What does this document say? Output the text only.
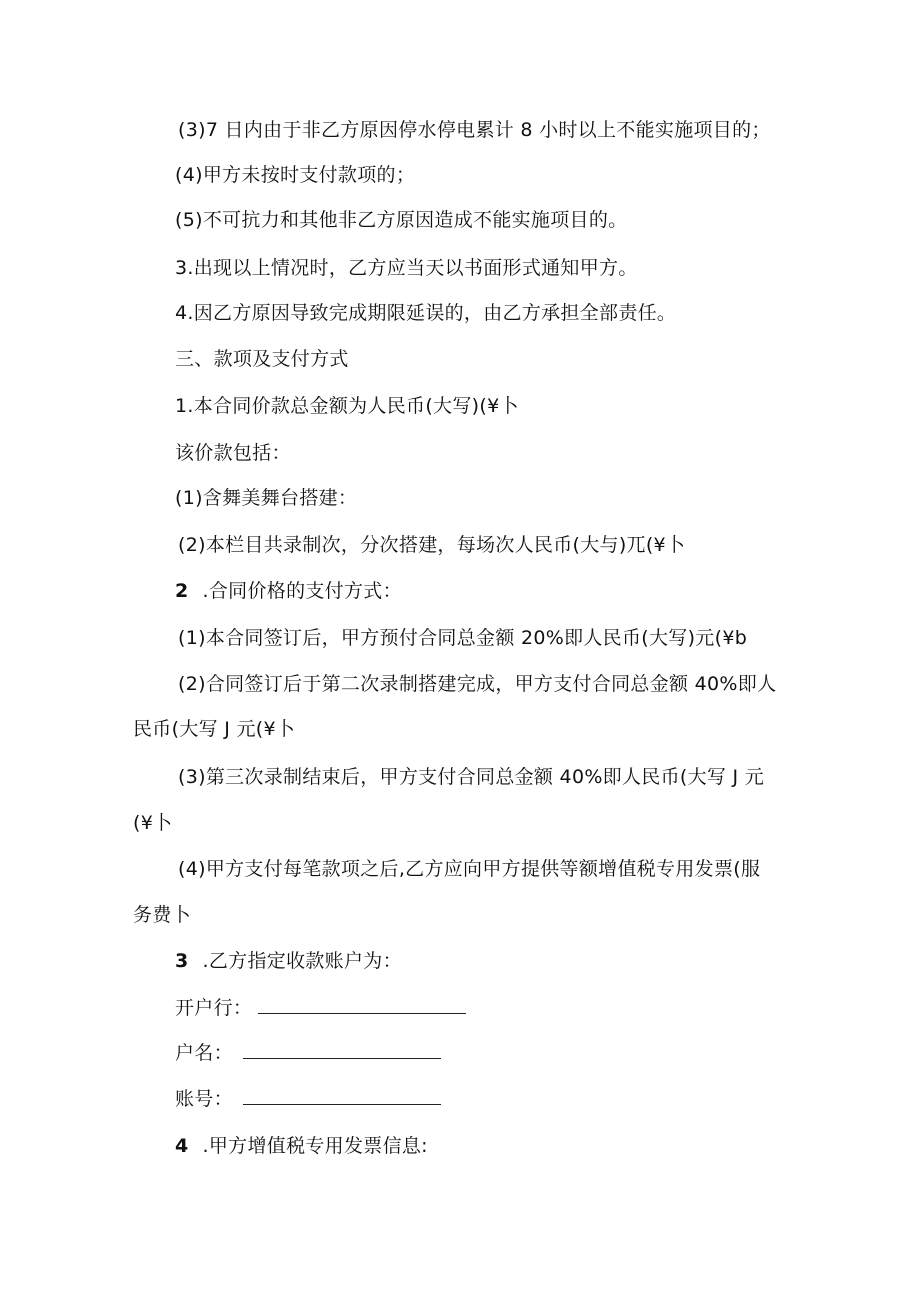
(3)7 日内由于非乙方原因停水停电累计 8 小时以上不能实施项目的；
(4)甲方未按时支付款项的；
(5)不可抗力和其他非乙方原因造成不能实施项目的。
3.出现以上情况时，乙方应当天以书面形式通知甲方。
4.因乙方原因导致完成期限延误的，由乙方承担全部责任。
三、款项及支付方式
1.本合同价款总金额为人民币(大写)(¥卜
该价款包括：
(1)含舞美舞台搭建：
(2)本栏目共录制次，分次搭建，每场次人民币(大与)兀(¥卜
2 .合同价格的支付方式：
(1)本合同签订后，甲方预付合同总金额 20%即人民币(大写)元(¥b
(2)合同签订后于第二次录制搭建完成，甲方支付合同总金额 40%即人
民币(大写 J 元(¥卜
(3)第三次录制结束后，甲方支付合同总金额 40%即人民币(大写 J 元
(¥卜
(4)甲方支付每笔款项之后,乙方应向甲方提供等额增值税专用发票(服
务费卜
3 .乙方指定收款账户为：
开户行：
户名：
账号：
4 .甲方增值税专用发票信息:
